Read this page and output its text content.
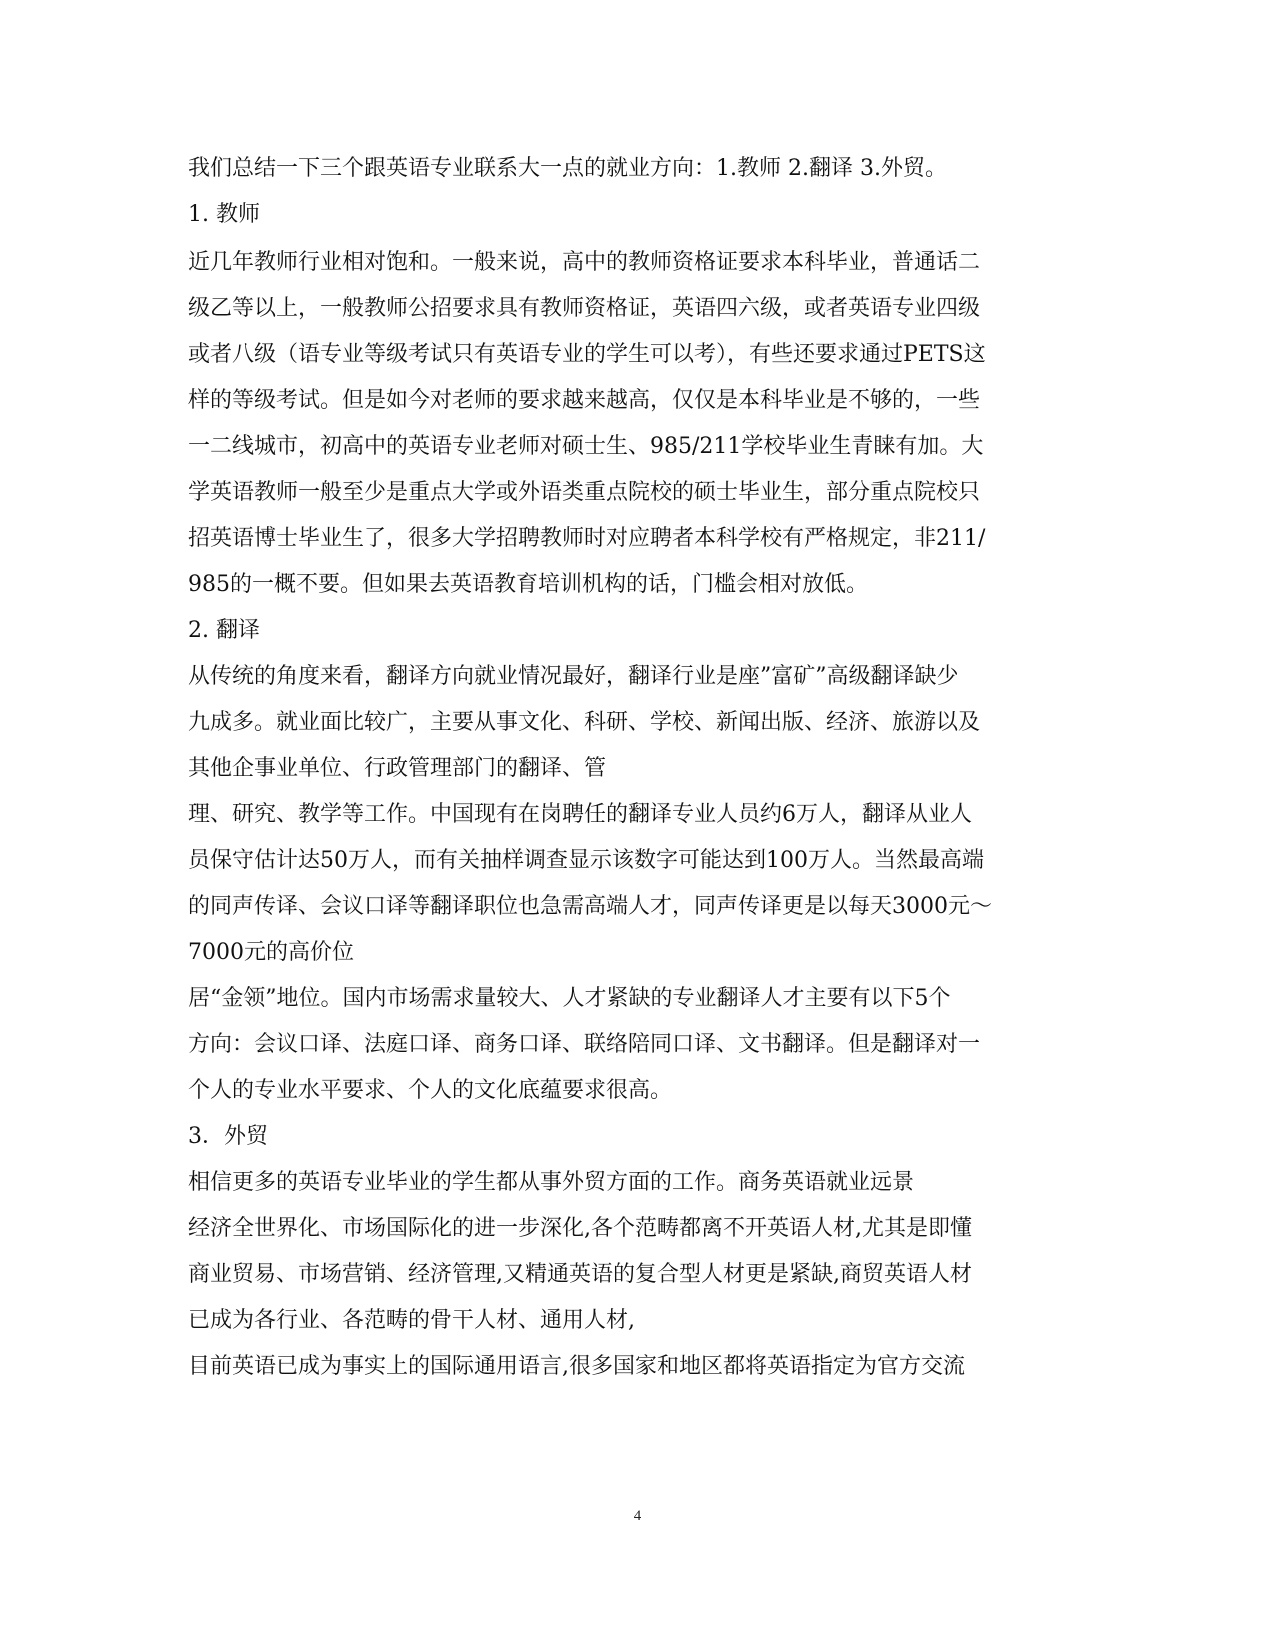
我们总结一下三个跟英语专业联系大一点的就业方向：1.教师 2.翻译 3.外贸。
1. 教师
近几年教师行业相对饱和。一般来说，高中的教师资格证要求本科毕业，普通话二
级乙等以上，一般教师公招要求具有教师资格证，英语四六级，或者英语专业四级
或者八级（语专业等级考试只有英语专业的学生可以考），有些还要求通过PETS这
样的等级考试。但是如今对老师的要求越来越高，仅仅是本科毕业是不够的，一些
一二线城市，初高中的英语专业老师对硕士生、985/211学校毕业生青睐有加。大
学英语教师一般至少是重点大学或外语类重点院校的硕士毕业生，部分重点院校只
招英语博士毕业生了，很多大学招聘教师时对应聘者本科学校有严格规定，非211/
985的一概不要。但如果去英语教育培训机构的话，门槛会相对放低。
2. 翻译
从传统的角度来看，翻译方向就业情况最好，翻译行业是座”富矿”高级翻译缺少
九成多。就业面比较广，主要从事文化、科研、学校、新闻出版、经济、旅游以及
其他企事业单位、行政管理部门的翻译、管
理、研究、教学等工作。中国现有在岗聘任的翻译专业人员约6万人，翻译从业人
员保守估计达50万人，而有关抽样调查显示该数字可能达到100万人。当然最高端
的同声传译、会议口译等翻译职位也急需高端人才，同声传译更是以每天3000元～
7000元的高价位
居“金领”地位。国内市场需求量较大、人才紧缺的专业翻译人才主要有以下5个
方向：会议口译、法庭口译、商务口译、联络陪同口译、文书翻译。但是翻译对一
个人的专业水平要求、个人的文化底蕴要求很高。
3．外贸
相信更多的英语专业毕业的学生都从事外贸方面的工作。商务英语就业远景
经济全世界化、市场国际化的进一步深化,各个范畴都离不开英语人材,尤其是即懂
商业贸易、市场营销、经济管理,又精通英语的复合型人材更是紧缺,商贸英语人材
已成为各行业、各范畴的骨干人材、通用人材,
目前英语已成为事实上的国际通用语言,很多国家和地区都将英语指定为官方交流
4
